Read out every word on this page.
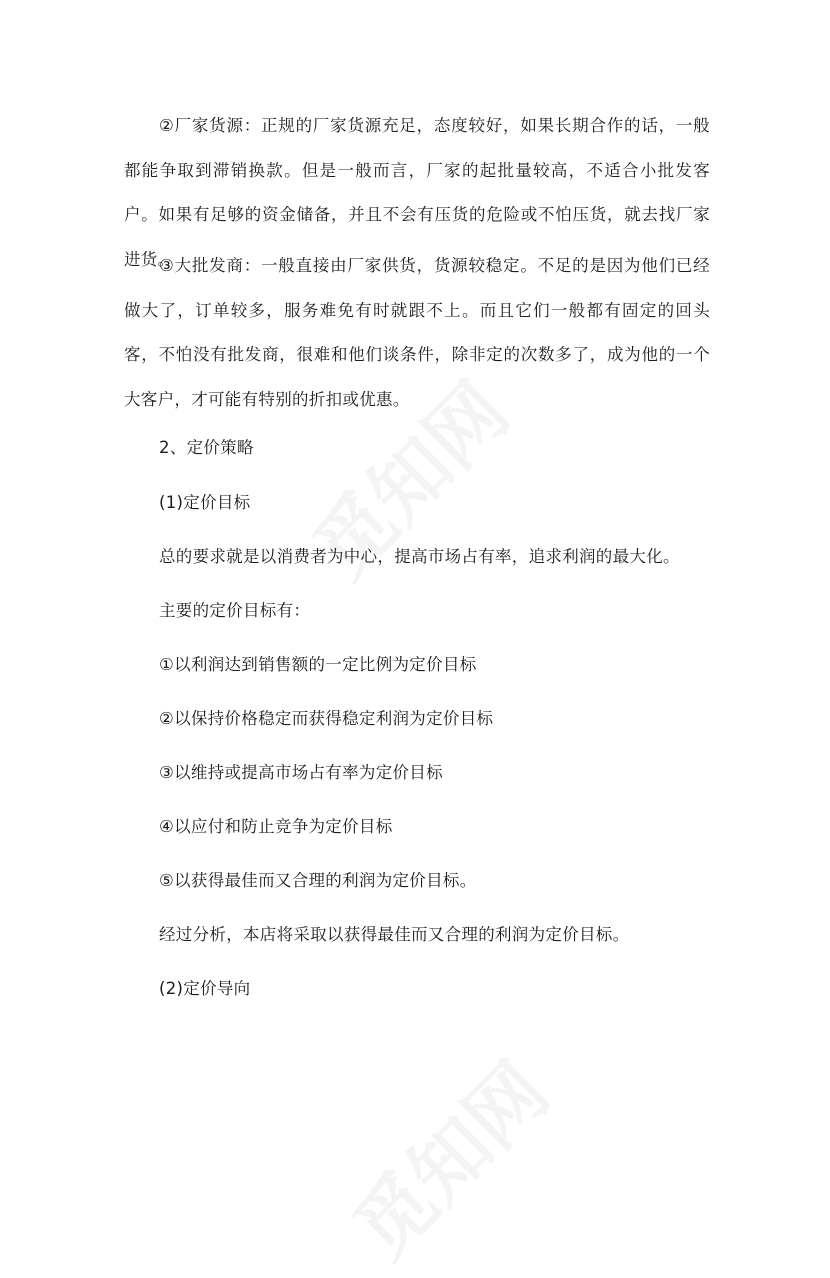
②厂家货源：正规的厂家货源充足，态度较好，如果长期合作的话，一般都能争取到滞销换款。但是一般而言，厂家的起批量较高，不适合小批发客户。如果有足够的资金储备，并且不会有压货的危险或不怕压货，就去找厂家进货。

③大批发商：一般直接由厂家供货，货源较稳定。不足的是因为他们已经做大了，订单较多，服务难免有时就跟不上。而且它们一般都有固定的回头客，不怕没有批发商，很难和他们谈条件，除非定的次数多了，成为他的一个大客户，才可能有特别的折扣或优惠。

2、定价策略

(1)定价目标

总的要求就是以消费者为中心，提高市场占有率，追求利润的最大化。

主要的定价目标有：

①以利润达到销售额的一定比例为定价目标

②以保持价格稳定而获得稳定利润为定价目标

③以维持或提高市场占有率为定价目标

④以应付和防止竞争为定价目标

⑤以获得最佳而又合理的利润为定价目标。

经过分析，本店将采取以获得最佳而又合理的利润为定价目标。

(2)定价导向
